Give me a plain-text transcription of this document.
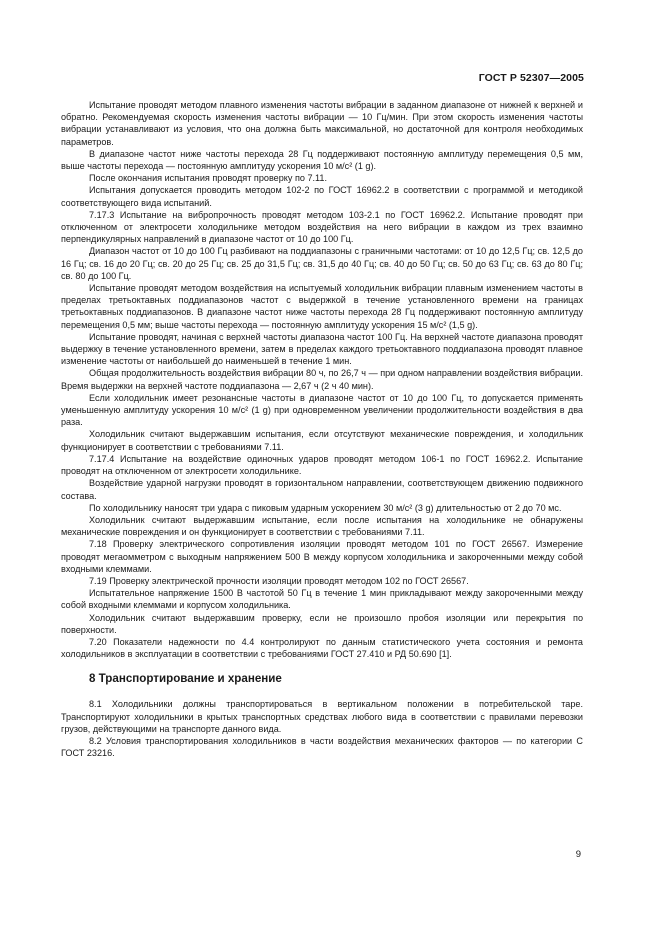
ГОСТ Р 52307—2005

Испытание проводят методом плавного изменения частоты вибрации в заданном диапазоне от нижней к верхней и обратно. Рекомендуемая скорость изменения частоты вибрации — 10 Гц/мин. При этом скорость изменения частоты вибрации устанавливают из условия, что она должна быть максимальной, но достаточной для контроля необходимых параметров.

В диапазоне частот ниже частоты перехода 28 Гц поддерживают постоянную амплитуду перемещения 0,5 мм, выше частоты перехода — постоянную амплитуду ускорения 10 м/с² (1 g).

После окончания испытания проводят проверку по 7.11.

Испытания допускается проводить методом 102-2 по ГОСТ 16962.2 в соответствии с программой и методикой соответствующего вида испытаний.

7.17.3 Испытание на вибропрочность проводят методом 103-2.1 по ГОСТ 16962.2. Испытание проводят при отключенном от электросети холодильнике методом воздействия на него вибрации в каждом из трех взаимно перпендикулярных направлений в диапазоне частот от 10 до 100 Гц.

Диапазон частот от 10 до 100 Гц разбивают на поддиапазоны с граничными частотами: от 10 до 12,5 Гц; св. 12,5 до 16 Гц; св. 16 до 20 Гц; св. 20 до 25 Гц; св. 25 до 31,5 Гц; св. 31,5 до 40 Гц; св. 40 до 50 Гц; св. 50 до 63 Гц; св. 63 до 80 Гц; св. 80 до 100 Гц.

Испытание проводят методом воздействия на испытуемый холодильник вибрации плавным изменением частоты в пределах третьоктавных поддиапазонов частот с выдержкой в течение установленного времени на границах третьоктавных поддиапазонов. В диапазоне частот ниже частоты перехода 28 Гц поддерживают постоянную амплитуду перемещения 0,5 мм; выше частоты перехода — постоянную амплитуду ускорения 15 м/с² (1,5 g).

Испытание проводят, начиная с верхней частоты диапазона частот 100 Гц. На верхней частоте диапазона проводят выдержку в течение установленного времени, затем в пределах каждого третьоктавного поддиапазона проводят плавное изменение частоты от наибольшей до наименьшей в течение 1 мин.

Общая продолжительность воздействия вибрации 80 ч, по 26,7 ч — при одном направлении воздействия вибрации. Время выдержки на верхней частоте поддиапазона — 2,67 ч (2 ч 40 мин).

Если холодильник имеет резонансные частоты в диапазоне частот от 10 до 100 Гц, то допускается применять уменьшенную амплитуду ускорения 10 м/с² (1 g) при одновременном увеличении продолжительности воздействия в два раза.

Холодильник считают выдержавшим испытания, если отсутствуют механические повреждения, и холодильник функционирует в соответствии с требованиями 7.11.

7.17.4 Испытание на воздействие одиночных ударов проводят методом 106-1 по ГОСТ 16962.2. Испытание проводят на отключенном от электросети холодильнике.

Воздействие ударной нагрузки проводят в горизонтальном направлении, соответствующем движению подвижного состава.

По холодильнику наносят три удара с пиковым ударным ускорением 30 м/с² (3 g) длительностью от 2 до 70 мс.

Холодильник считают выдержавшим испытание, если после испытания на холодильнике не обнаружены механические повреждения и он функционирует в соответствии с требованиями 7.11.

7.18 Проверку электрического сопротивления изоляции проводят методом 101 по ГОСТ 26567. Измерение проводят мегаомметром с выходным напряжением 500 В между корпусом холодильника и закороченными между собой входными клеммами.

7.19 Проверку электрической прочности изоляции проводят методом 102 по ГОСТ 26567.

Испытательное напряжение 1500 В частотой 50 Гц в течение 1 мин прикладывают между закороченными между собой входными клеммами и корпусом холодильника.

Холодильник считают выдержавшим проверку, если не произошло пробоя изоляции или перекрытия по поверхности.

7.20 Показатели надежности по 4.4 контролируют по данным статистического учета состояния и ремонта холодильников в эксплуатации в соответствии с требованиями ГОСТ 27.410 и РД 50.690 [1].

8 Транспортирование и хранение

8.1 Холодильники должны транспортироваться в вертикальном положении в потребительской таре. Транспортируют холодильники в крытых транспортных средствах любого вида в соответствии с правилами перевозки грузов, действующими на транспорте данного вида.

8.2 Условия транспортирования холодильников в части воздействия механических факторов — по категории С ГОСТ 23216.

9
